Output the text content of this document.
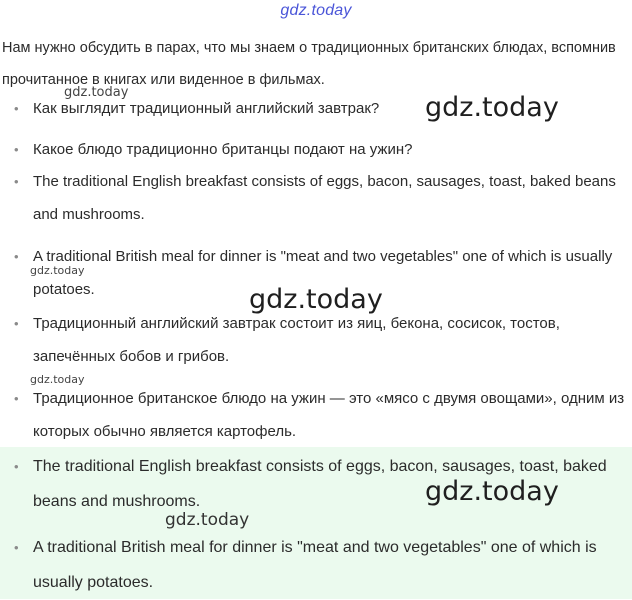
gdz.today

Нам нужно обсудить в парах, что мы знаем о традиционных британских блюдах, вспомнив прочитанное в книгах или виденное в фильмах.

• Как выглядит традиционный английский завтрак?
• Какое блюдо традиционно британцы подают на ужин?
• The traditional English breakfast consists of eggs, bacon, sausages, toast, baked beans and mushrooms.
• A traditional British meal for dinner is "meat and two vegetables" one of which is usually potatoes.
• Традиционный английский завтрак состоит из яиц, бекона, сосисок, тостов, запечённых бобов и грибов.
• Традиционное британское блюдо на ужин — это «мясо с двумя овощами», одним из которых обычно является картофель.
• The traditional English breakfast consists of eggs, bacon, sausages, toast, baked beans and mushrooms.
• A traditional British meal for dinner is "meat and two vegetables" one of which is usually potatoes.
gdz.today	gdz.today
gdz.today
gdz.today
gdz.today
gdz.today
gdz.today
